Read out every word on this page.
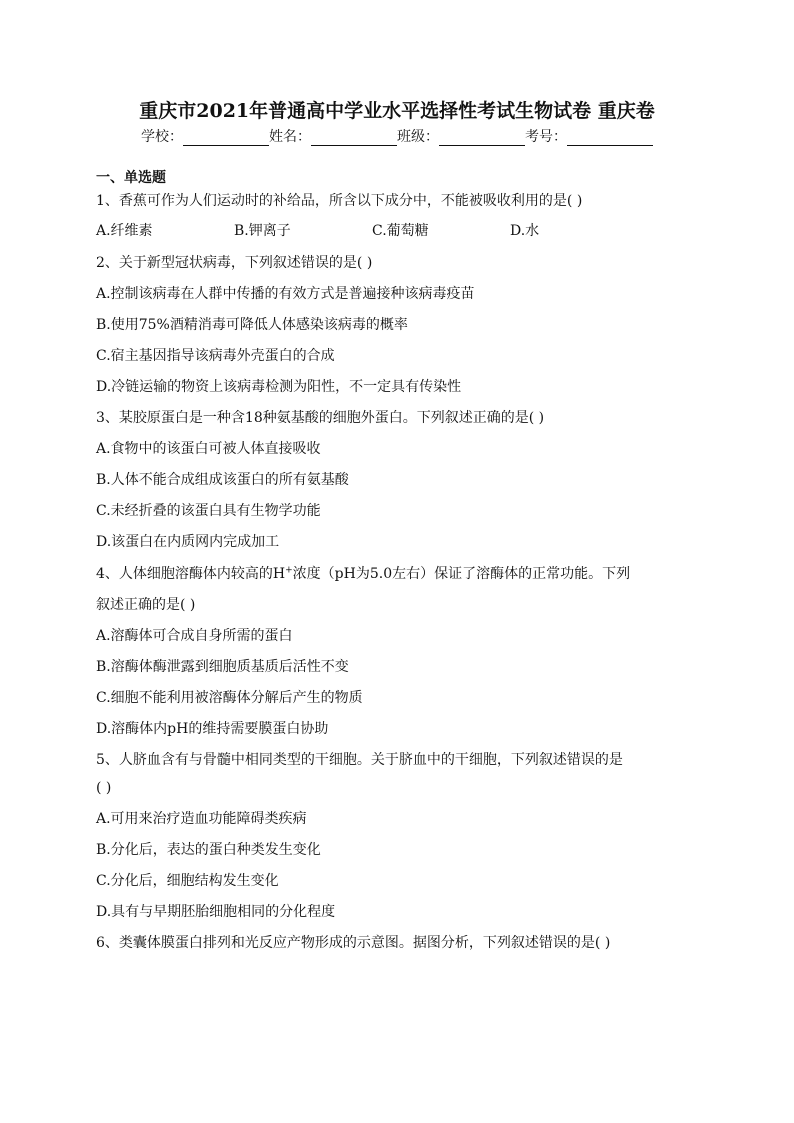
重庆市2021年普通高中学业水平选择性考试生物试卷 重庆卷
学校：	姓名：	班级：	考号：
一、单选题
1、香蕉可作为人们运动时的补给品，所含以下成分中，不能被吸收利用的是( )
A.纤维素	B.钾离子	C.葡萄糖	D.水
2、关于新型冠状病毒，下列叙述错误的是( )
A.控制该病毒在人群中传播的有效方式是普遍接种该病毒疫苗
B.使用75%酒精消毒可降低人体感染该病毒的概率
C.宿主基因指导该病毒外壳蛋白的合成
D.冷链运输的物资上该病毒检测为阳性，不一定具有传染性
3、某胶原蛋白是一种含18种氨基酸的细胞外蛋白。下列叙述正确的是( )
A.食物中的该蛋白可被人体直接吸收
B.人体不能合成组成该蛋白的所有氨基酸
C.未经折叠的该蛋白具有生物学功能
D.该蛋白在内质网内完成加工
4、人体细胞溶酶体内较高的H+浓度（pH为5.0左右）保证了溶酶体的正常功能。下列
叙述正确的是( )
A.溶酶体可合成自身所需的蛋白
B.溶酶体酶泄露到细胞质基质后活性不变
C.细胞不能利用被溶酶体分解后产生的物质
D.溶酶体内pH的维持需要膜蛋白协助
5、人脐血含有与骨髓中相同类型的干细胞。关于脐血中的干细胞，下列叙述错误的是
( )
A.可用来治疗造血功能障碍类疾病
B.分化后，表达的蛋白种类发生变化
C.分化后，细胞结构发生变化
D.具有与早期胚胎细胞相同的分化程度
6、类囊体膜蛋白排列和光反应产物形成的示意图。据图分析，下列叙述错误的是( )
